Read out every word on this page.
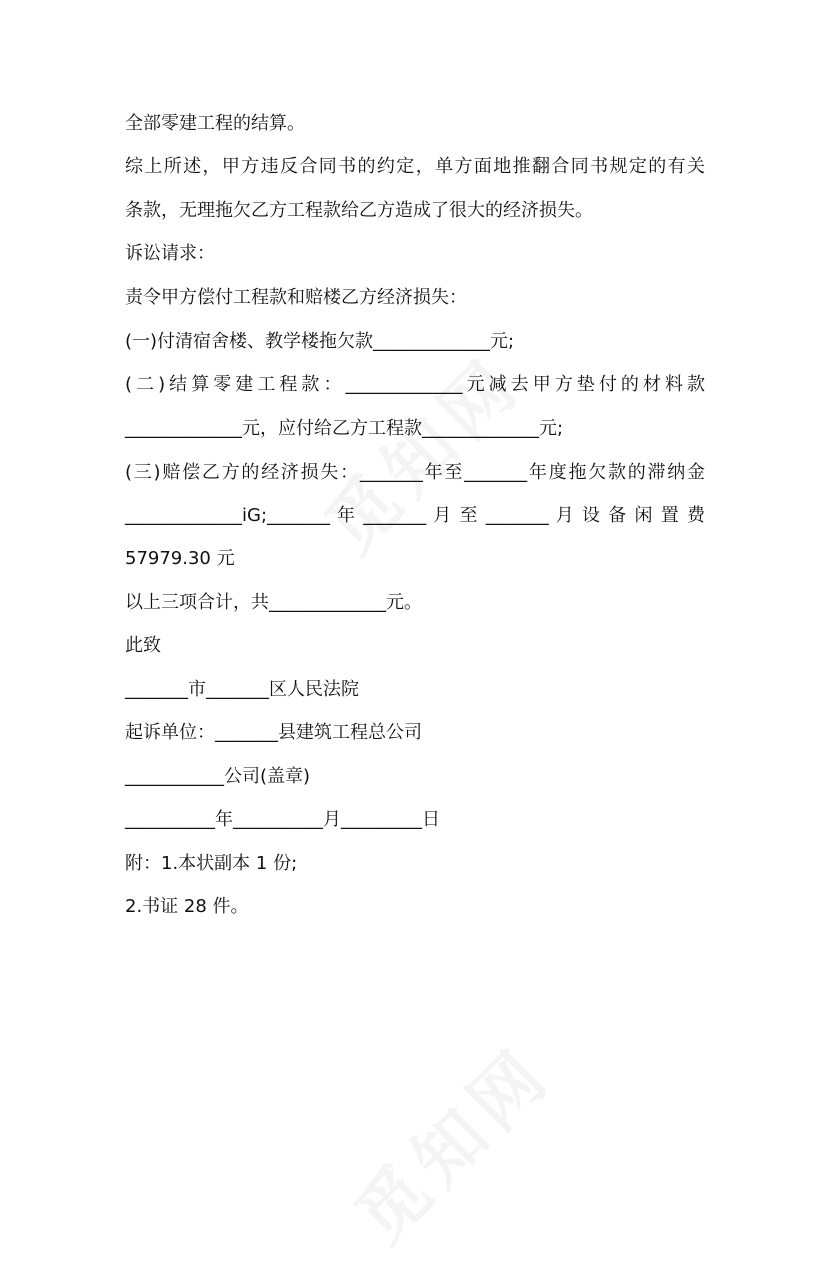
全部零建工程的结算。
综上所述，甲方违反合同书的约定，单方面地推翻合同书规定的有关
条款，无理拖欠乙方工程款给乙方造成了很大的经济损失。
诉讼请求：
责令甲方偿付工程款和赔楼乙方经济损失：
(一)付清宿舍楼、教学楼拖欠款_____________元;
(二)结算零建工程款：_____________元减去甲方垫付的材料款
_____________元，应付给乙方工程款_____________元;
(三)赔偿乙方的经济损失：_______年至_______年度拖欠款的滞纳金
_____________iG;_______ 年 _______ 月 至 _______ 月 设 备 闲 置 费
57979.30 元
以上三项合计，共_____________元。
此致
_______市_______区人民法院
起诉单位：_______县建筑工程总公司
___________公司(盖章)
__________年__________月_________日
附：1.本状副本 1 份;
2.书证 28 件。
